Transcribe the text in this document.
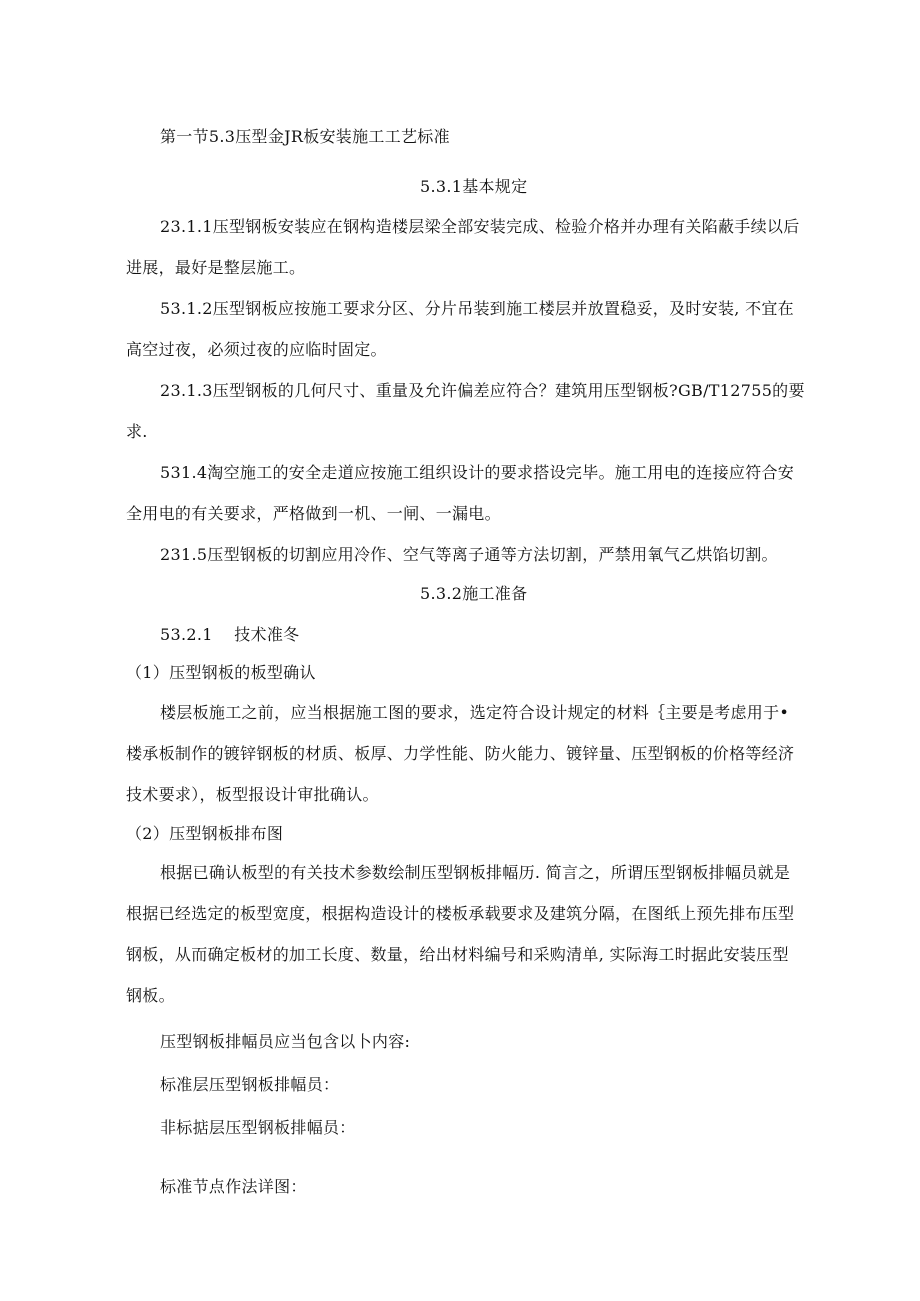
第一节5.3压型金JR板安装施工工艺标准
5.3.1基本规定
23.1.1压型钢板安装应在钢构造楼层梁全部安装完成、检验介格并办理有关陷蔽手续以后
进展，最好是整层施工。
53.1.2压型钢板应按施工要求分区、分片吊装到施工楼层并放置稳妥，及时安装, 不宜在
高空过夜，必须过夜的应临时固定。
23.1.3压型钢板的几何尺寸、重量及允许偏差应符合？建筑用压型钢板?GB/T12755的要
求.
531.4淘空施工的安全走道应按施工组织设计的要求搭设完毕。施工用电的连接应符合安
全用电的有关要求，严格做到一机、一闸、一漏电。
231.5压型钢板的切割应用冷作、空气等离子通等方法切割，严禁用氧气乙烘馅切割。
5.3.2施工准备
53.2.1    技术准冬
（1）压型钢板的板型确认
楼层板施工之前，应当根据施工图的要求，选定符合设计规定的材料｛主要是考虑用于•
楼承板制作的镀锌钢板的材质、板厚、力学性能、防火能力、镀锌量、压型钢板的价格等经济
技术要求），板型报设计审批确认。
（2）压型钢板排布图
根据已确认板型的有关技术参数绘制压型钢板排幅历. 简言之，所谓压型钢板排幅员就是
根据已经选定的板型宽度，根据构造设计的楼板承载要求及建筑分隔，在图纸上预先排布压型
钢板，从而确定板材的加工长度、数量，给出材料编号和采购清单, 实际海工时据此安装压型
钢板。
压型钢板排幅员应当包含以卜内容:
标准层压型钢板排幅员：
非标掂层压型钢板排幅员：
标准节点作法详图：
